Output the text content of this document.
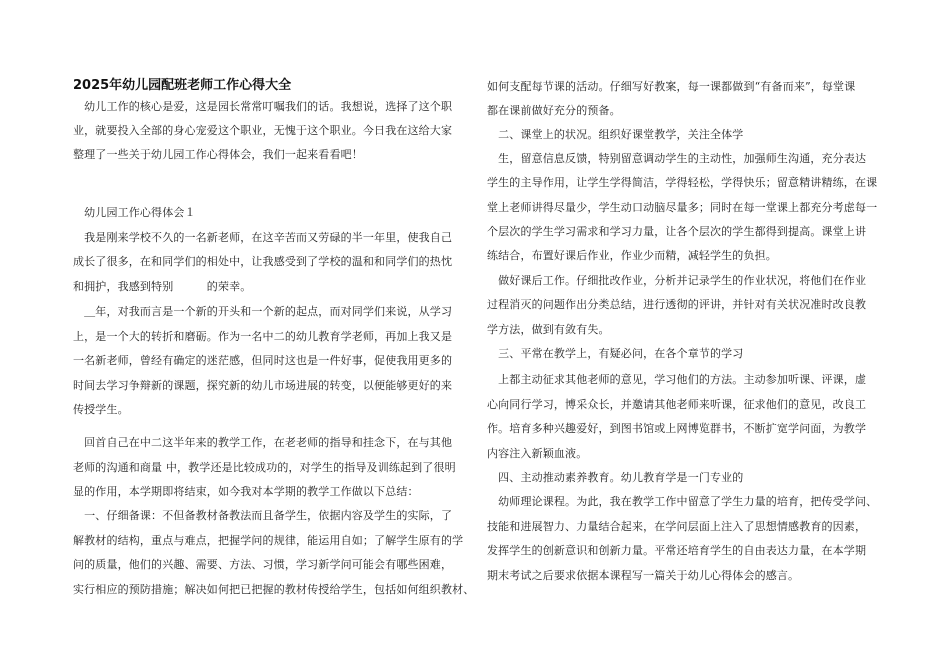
2025年幼儿园配班老师工作心得大全

　幼儿工作的核心是爱，这是园长常常叮嘱我们的话。我想说，选择了这个职

业，就要投入全部的身心宠爱这个职业，无愧于这个职业。今日我在这给大家

整理了一些关于幼儿园工作心得体会，我们一起来看看吧！

　幼儿园工作心得体会１

　我是刚来学校不久的一名新老师，在这辛苦而又劳碌的半一年里，使我自己

成长了很多，在和同学们的相处中，让我感受到了学校的温和和同学们的热忱

和拥护，我感到特别　　　的荣幸。

　＿年，对我而言是一个新的开头和一个新的起点，而对同学们来说，从学习

上，是一个大的转折和磨砺。作为一名中二的幼儿教育学老师，再加上我又是

一名新老师，曾经有确定的迷茫感，但同时这也是一件好事，促使我用更多的

时间去学习争辩新的课题，探究新的幼儿市场进展的转变，以便能够更好的来

传授学生。

　回首自己在中二这半年来的教学工作，在老老师的指导和挂念下，在与其他

老师的沟通和商量 中，教学还是比较成功的，对学生的指导及训练起到了很明

显的作用，本学期即将结束，如今我对本学期的教学工作做以下总结：

　一、仔细备课：不但备教材备教法而且备学生，依据内容及学生的实际，了

解教材的结构，重点与难点，把握学问的规律，能运用自如；了解学生原有的学

问的质量，他们的兴趣、需要、方法、习惯，学习新学问可能会有哪些困难，

实行相应的预防措施；解决如何把已把握的教材传授给学生，包括如何组织教材、

如何支配每节课的活动。仔细写好教案，每一课都做到“有备而来”，每堂课

都在课前做好充分的预备。

　二、课堂上的状况。组织好课堂教学，关注全体学

　生，留意信息反馈，特别留意调动学生的主动性，加强师生沟通，充分表达

学生的主导作用，让学生学得简洁，学得轻松，学得快乐；留意精讲精练，在课

堂上老师讲得尽量少，学生动口动脑尽量多；同时在每一堂课上都充分考虑每一

个层次的学生学习需求和学习力量，让各个层次的学生都得到提高。课堂上讲

练结合，布置好课后作业，作业少而精，减轻学生的负担。

　做好课后工作。仔细批改作业，分析并记录学生的作业状况，将他们在作业

过程消灭的问题作出分类总结，进行透彻的评讲，并针对有关状况准时改良教

学方法，做到有敛有失。

　三、平常在教学上，有疑必问，在各个章节的学习

　上都主动征求其他老师的意见，学习他们的方法。主动参加听课、评课，虚

心向同行学习，博采众长，并邀请其他老师来听课，征求他们的意见，改良工

作。培育多种兴趣爱好，到图书馆或上网博览群书，不断扩宽学问面，为教学

内容注入新颖血液。

　四、主动推动素养教育。幼儿教育学是一门专业的

　幼师理论课程。为此，我在教学工作中留意了学生力量的培育，把传受学问、

技能和进展智力、力量结合起来，在学问层面上注入了思想情感教育的因素，

发挥学生的创新意识和创新力量。平常还培育学生的自由表达力量，在本学期

期末考试之后要求依据本课程写一篇关于幼儿心得体会的感言。
